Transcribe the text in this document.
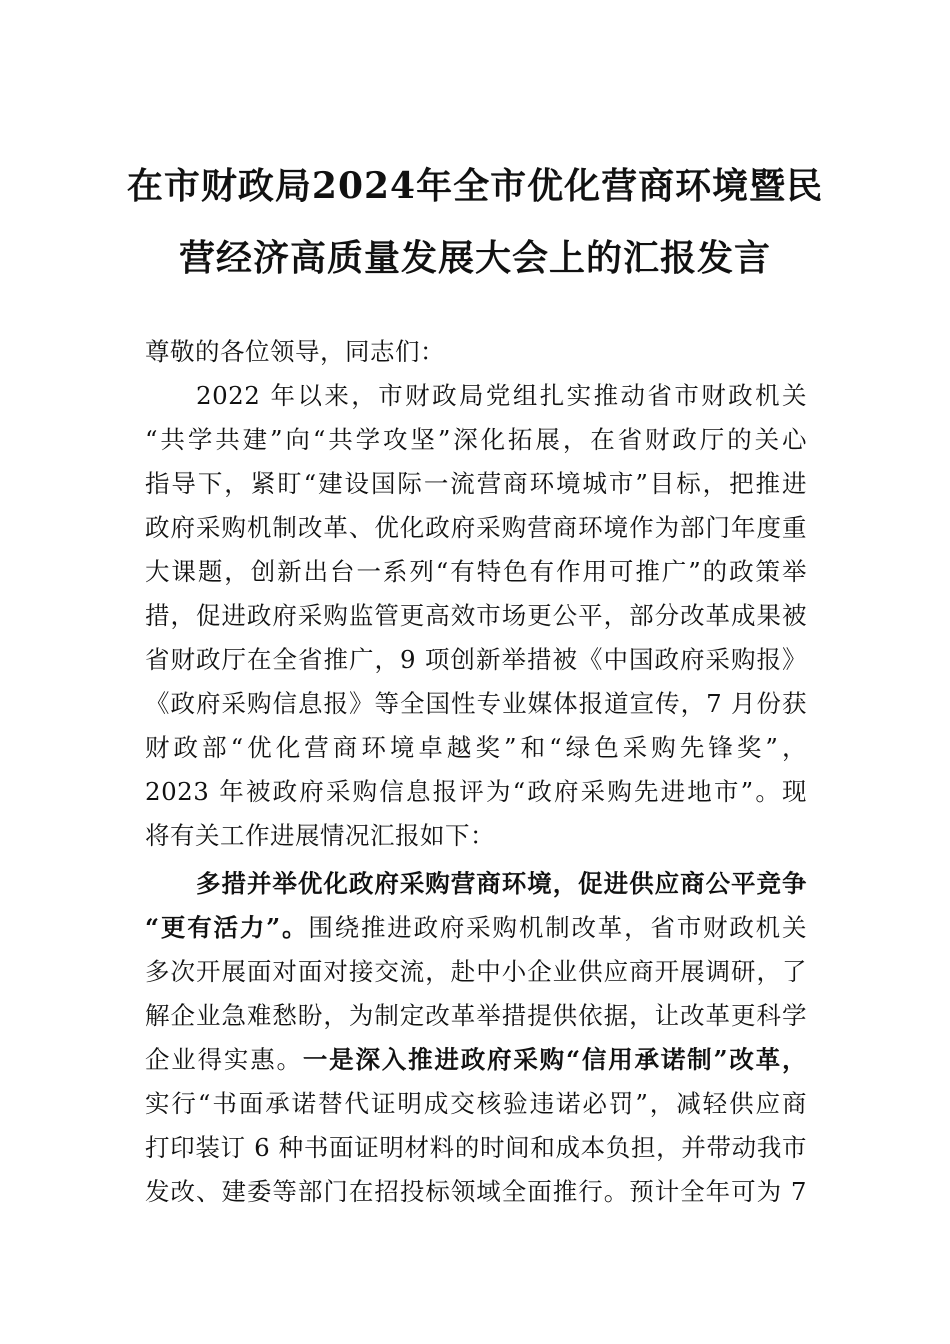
在市财政局2024年全市优化营商环境暨民
营经济高质量发展大会上的汇报发言
尊敬的各位领导，同志们：
2022 年以来，市财政局党组扎实推动省市财政机关
“共学共建”向“共学攻坚”深化拓展，在省财政厅的关心
指导下，紧盯“建设国际一流营商环境城市”目标，把推进
政府采购机制改革、优化政府采购营商环境作为部门年度重
大课题，创新出台一系列“有特色有作用可推广”的政策举
措，促进政府采购监管更高效市场更公平，部分改革成果被
省财政厅在全省推广，9 项创新举措被《中国政府采购报》
《政府采购信息报》等全国性专业媒体报道宣传，7 月份获
财政部“优化营商环境卓越奖”和“绿色采购先锋奖”，
2023 年被政府采购信息报评为“政府采购先进地市”。现
将有关工作进展情况汇报如下：
多措并举优化政府采购营商环境，促进供应商公平竞争
“更有活力”。围绕推进政府采购机制改革，省市财政机关
多次开展面对面对接交流，赴中小企业供应商开展调研，了
解企业急难愁盼，为制定改革举措提供依据，让改革更科学
企业得实惠。一是深入推进政府采购“信用承诺制”改革，
实行“书面承诺替代证明成交核验违诺必罚”，减轻供应商
打印装订 6 种书面证明材料的时间和成本负担，并带动我市
发改、建委等部门在招投标领域全面推行。预计全年可为 7
